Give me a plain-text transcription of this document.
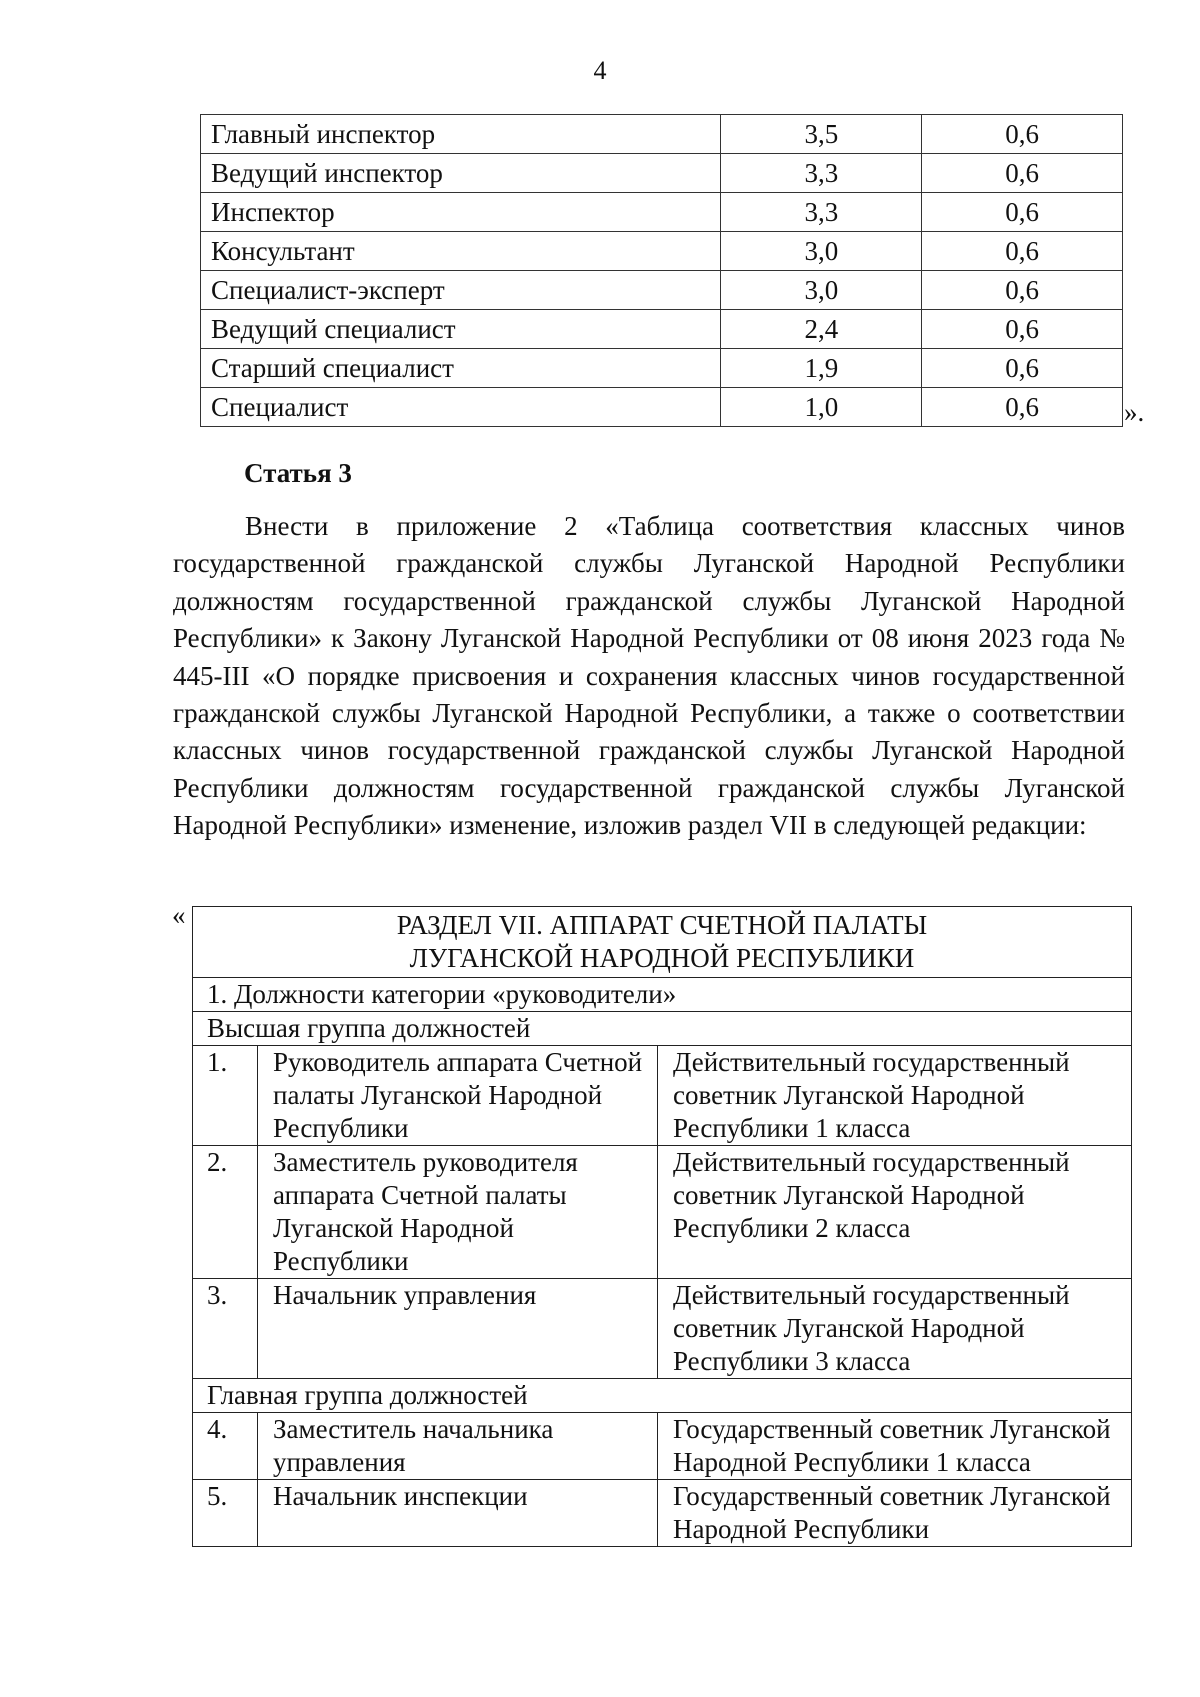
4
Главный инспектор	3,5	0,6
Ведущий инспектор	3,3	0,6
Инспектор	3,3	0,6
Консультант	3,0	0,6
Специалист-эксперт	3,0	0,6
Ведущий специалист	2,4	0,6
Старший специалист	1,9	0,6
Специалист	1,0	0,6	».
Статья 3

Внести в приложение 2 «Таблица соответствия классных чинов государственной гражданской службы Луганской Народной Республики должностям государственной гражданской службы Луганской Народной Республики» к Закону Луганской Народной Республики от 08 июня 2023 года № 445-III «О порядке присвоения и сохранения классных чинов государственной гражданской службы Луганской Народной Республики, а также о соответствии классных чинов государственной гражданской службы Луганской Народной Республики должностям государственной гражданской службы Луганской Народной Республики» изменение, изложив раздел VII в следующей редакции:

«	РАЗДЕЛ VII. АППАРАТ СЧЕТНОЙ ПАЛАТЫ
ЛУГАНСКОЙ НАРОДНОЙ РЕСПУБЛИКИ		

1. Должности категории «руководители»		
Высшая группа должностей		
1.	Руководитель аппарата Счетной палаты Луганской Народной Республики	Действительный государственный советник Луганской Народной Республики 1 класса
2.	Заместитель руководителя аппарата Счетной палаты Луганской Народной Республики	Действительный государственный советник Луганской Народной Республики 2 класса
3.	Начальник управления	Действительный государственный советник Луганской Народной Республики 3 класса
Главная группа должностей		
4.	Заместитель начальника управления	Государственный советник Луганской Народной Республики 1 класса
5.	Начальник инспекции	Государственный советник Луганской Народной Республики
